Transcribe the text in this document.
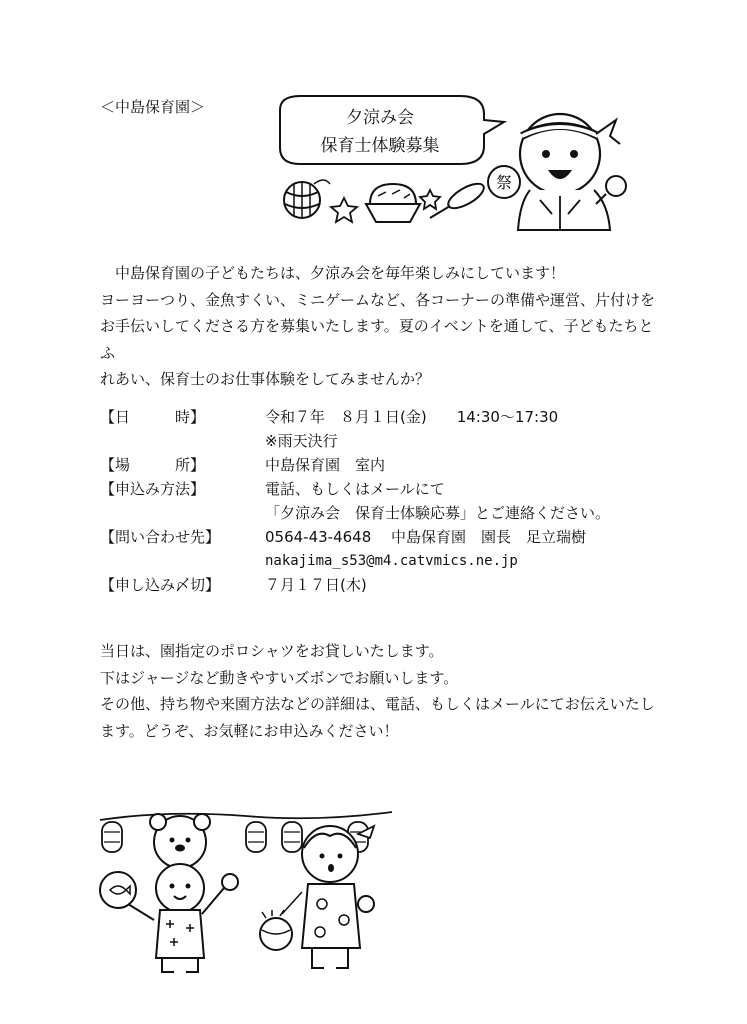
＜中島保育園＞
祭
夕涼み会
保育士体験募集

　中島保育園の子どもたちは、夕涼み会を毎年楽しみにしています！

ヨーヨーつり、金魚すくい、ミニゲームなど、各コーナーの準備や運営、片付けを

お手伝いしてくださる方を募集いたします。夏のイベントを通して、子どもたちとふ

れあい、保育士のお仕事体験をしてみませんか？

【日　　　時】	令和７年　８月１日(金)　　14:30～17:30
※雨天決行
【場　　　所】	中島保育園　室内
【申込み方法】	電話、もしくはメールにて
「夕涼み会　保育士体験応募」とご連絡ください。
【問い合わせ先】	0564-43-4648　 中島保育園　園長　足立瑞樹
nakajima_s53@m4.catvmics.ne.jp
【申し込み〆切】	７月１７日(木)

当日は、園指定のポロシャツをお貸しいたします。

下はジャージなど動きやすいズボンでお願いします。

その他、持ち物や来園方法などの詳細は、電話、もしくはメールにてお伝えいたし

ます。どうぞ、お気軽にお申込みください！
